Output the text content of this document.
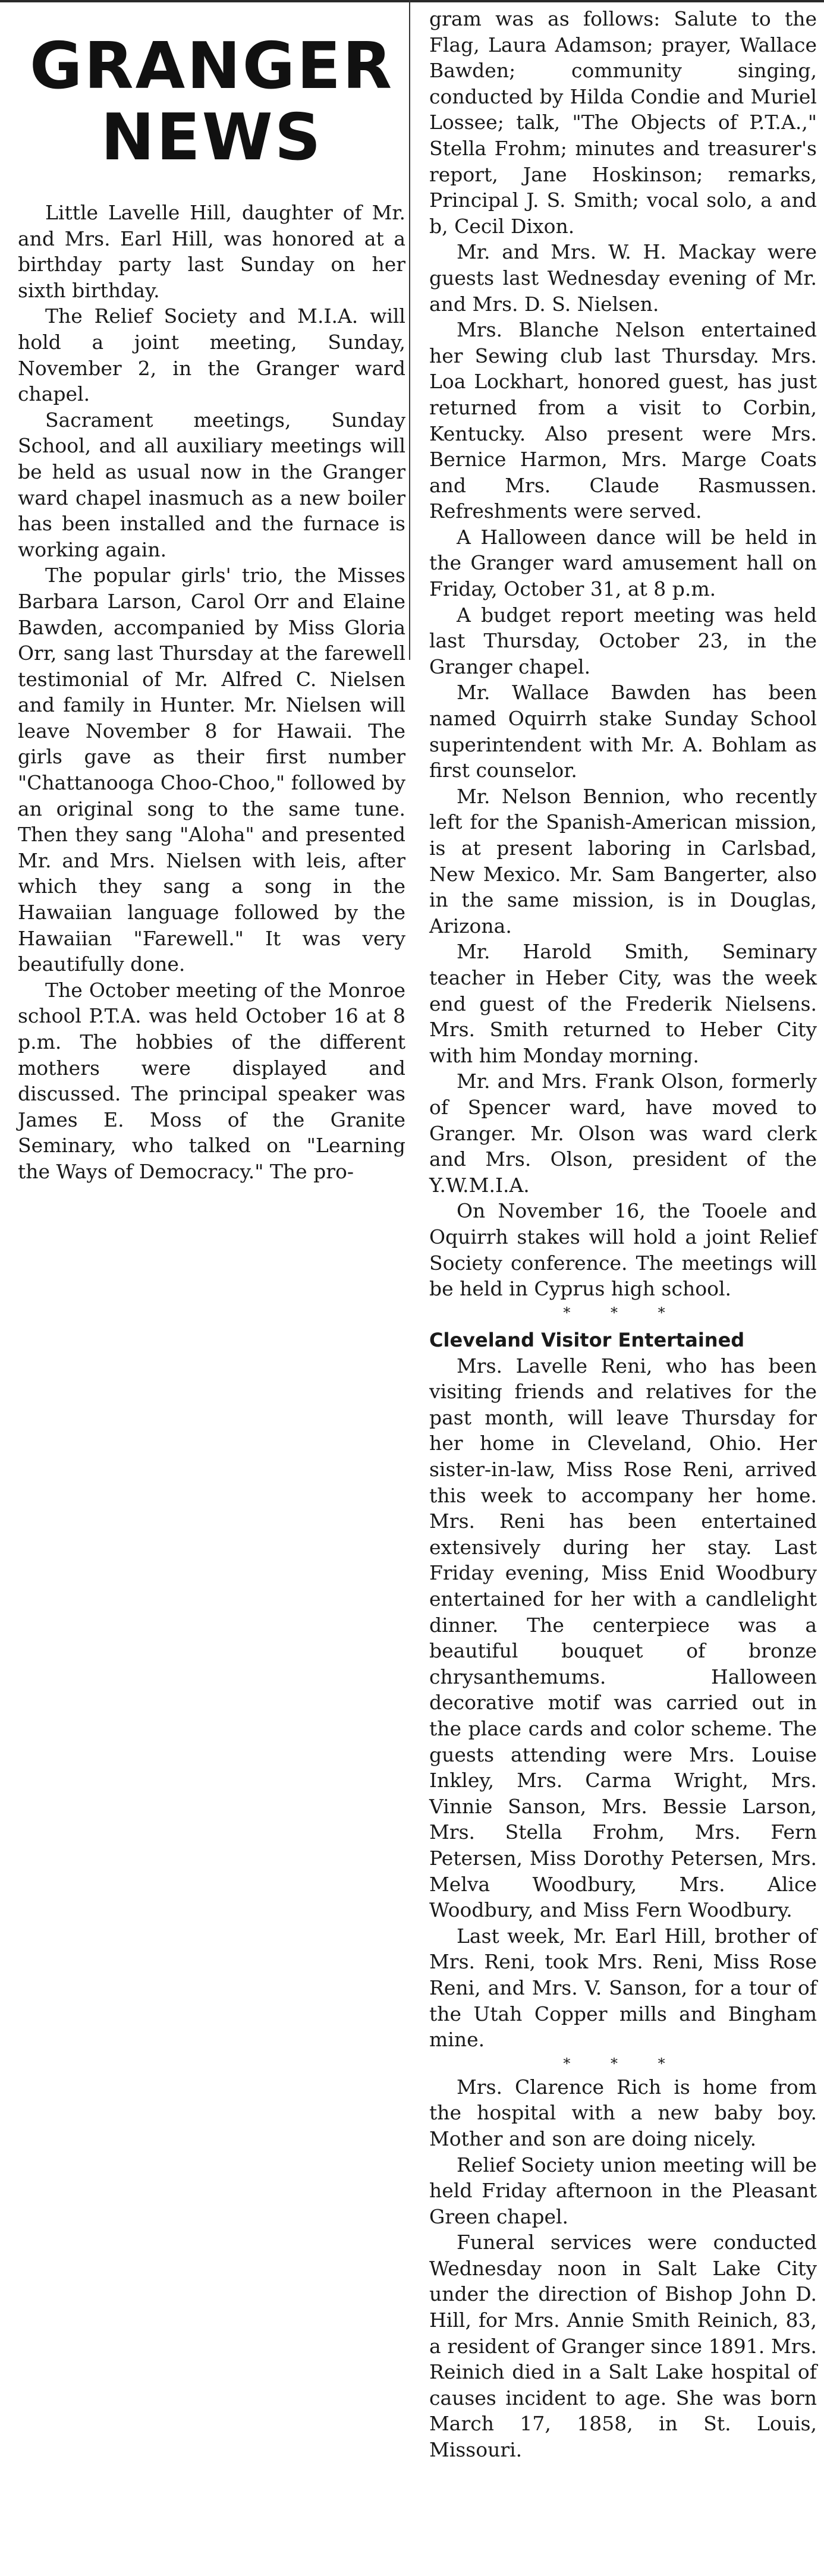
GRANGER NEWS

Little Lavelle Hill, daughter of Mr. and Mrs. Earl Hill, was honored at a birthday party last Sunday on her sixth birthday.

The Relief Society and M.I.A. will hold a joint meeting, Sunday, November 2, in the Granger ward chapel.

Sacrament meetings, Sunday School, and all auxiliary meetings will be held as usual now in the Granger ward chapel inasmuch as a new boiler has been installed and the furnace is working again.

The popular girls' trio, the Misses Barbara Larson, Carol Orr and Elaine Bawden, accompanied by Miss Gloria Orr, sang last Thursday at the farewell testimonial of Mr. Alfred C. Nielsen and family in Hunter. Mr. Nielsen will leave November 8 for Hawaii. The girls gave as their first number "Chattanooga Choo-Choo," followed by an original song to the same tune. Then they sang "Aloha" and presented Mr. and Mrs. Nielsen with leis, after which they sang a song in the Hawaiian language followed by the Hawaiian "Farewell." It was very beautifully done.

The October meeting of the Monroe school P.T.A. was held October 16 at 8 p.m. The hobbies of the different mothers were displayed and discussed. The principal speaker was James E. Moss of the Granite Seminary, who talked on "Learning the Ways of Democracy." The pro-

gram was as follows: Salute to the Flag, Laura Adamson; prayer, Wallace Bawden; community singing, conducted by Hilda Condie and Muriel Lossee; talk, "The Objects of P.T.A.," Stella Frohm; minutes and treasurer's report, Jane Hoskinson; remarks, Principal J. S. Smith; vocal solo, a and b, Cecil Dixon.

Mr. and Mrs. W. H. Mackay were guests last Wednesday evening of Mr. and Mrs. D. S. Nielsen.

Mrs. Blanche Nelson entertained her Sewing club last Thursday. Mrs. Loa Lockhart, honored guest, has just returned from a visit to Corbin, Kentucky. Also present were Mrs. Bernice Harmon, Mrs. Marge Coats and Mrs. Claude Rasmussen. Refreshments were served.

A Halloween dance will be held in the Granger ward amusement hall on Friday, October 31, at 8 p.m.

A budget report meeting was held last Thursday, October 23, in the Granger chapel.

Mr. Wallace Bawden has been named Oquirrh stake Sunday School superintendent with Mr. A. Bohlam as first counselor.

Mr. Nelson Bennion, who recently left for the Spanish-American mission, is at present laboring in Carlsbad, New Mexico. Mr. Sam Bangerter, also in the same mission, is in Douglas, Arizona.

Mr. Harold Smith, Seminary teacher in Heber City, was the week end guest of the Frederik Nielsens. Mrs. Smith returned to Heber City with him Monday morning.

Mr. and Mrs. Frank Olson, formerly of Spencer ward, have moved to Granger. Mr. Olson was ward clerk and Mrs. Olson, president of the Y.W.M.I.A.

On November 16, the Tooele and Oquirrh stakes will hold a joint Relief Society conference. The meetings will be held in Cyprus high school.

* * *

Cleveland Visitor Entertained

Mrs. Lavelle Reni, who has been visiting friends and relatives for the past month, will leave Thursday for her home in Cleveland, Ohio. Her sister-in-law, Miss Rose Reni, arrived this week to accompany her home. Mrs. Reni has been entertained extensively during her stay. Last Friday evening, Miss Enid Woodbury entertained for her with a candlelight dinner. The centerpiece was a beautiful bouquet of bronze chrysanthemums. Halloween decorative motif was carried out in the place cards and color scheme. The guests attending were Mrs. Louise Inkley, Mrs. Carma Wright, Mrs. Vinnie Sanson, Mrs. Bessie Larson, Mrs. Stella Frohm, Mrs. Fern Petersen, Miss Dorothy Petersen, Mrs. Melva Woodbury, Mrs. Alice Woodbury, and Miss Fern Woodbury.

Last week, Mr. Earl Hill, brother of Mrs. Reni, took Mrs. Reni, Miss Rose Reni, and Mrs. V. Sanson, for a tour of the Utah Copper mills and Bingham mine.

* * *

Mrs. Clarence Rich is home from the hospital with a new baby boy. Mother and son are doing nicely.

Relief Society union meeting will be held Friday afternoon in the Pleasant Green chapel.

Funeral services were conducted Wednesday noon in Salt Lake City under the direction of Bishop John D. Hill, for Mrs. Annie Smith Reinich, 83, a resident of Granger since 1891. Mrs. Reinich died in a Salt Lake hospital of causes incident to age. She was born March 17, 1858, in St. Louis, Missouri.
